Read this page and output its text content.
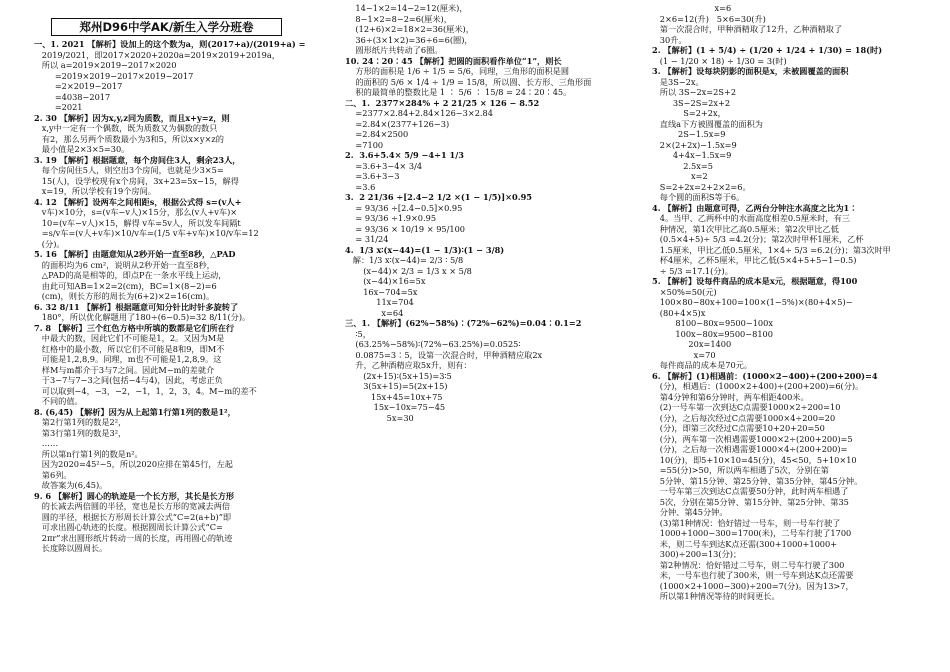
郑州D96中学AK/新生入学分班卷
一、1. 2021 【解析】设加上的这个数为a，则(2017+a)/(2019+a) =
2019/2021，即2017×2020+2020a=2019×2019+2019a，
所以 a=2019×2019−2017×2020
=2019×2019−2017×2019−2017
=2×2019−2017
=4038−2017
=2021
2. 30 【解析】因为x,y,z同为质数，而且x+y=z，则
x,y中一定有一个偶数，既为质数又为偶数的数只
有2，那么另两个质数最小为3和5，所以x×y×z的
最小值是2×3×5=30。
3. 19 【解析】根据题意，每个房间住3人，剩余23人，
每个房间住5人，则空出3个房间，也就是少3×5=
15(人)，设学校现有x个房间，3x+23=5x−15，解得
x=19，所以学校有19个房间。
4. 12 【解析】设两车之间相距s，根据公式得 s=(v人+
v车)×10分，s=(v车−v人)×15分，那么(v人+v车)×
10=(v车−v人)×15，解得 v车=5v人，所以发车间隔t
=s/v车=(v人+v车)×10/v车=(1/5 v车+v车)×10/v车=12
(分)。
5. 16 【解析】由题意知从2秒开始一直至8秒，△PAD
的面积均为6 cm²，说明从2秒开始一直至8秒，
△PAD的高是相等的，即点P在一条水平线上运动，
由此可知AB=1×2=2(cm)，BC=1×(8−2)=6
(cm)，则长方形的周长为(6+2)×2=16(cm)。
6. 32 8/11 【解析】根据题意可知分针比时针多旋转了
180°，所以优化解题用了180÷(6−0.5)=32 8/11(分)。
7. 8 【解析】三个红色方格中所填的数都是它们所在行
中最大的数，因此它们不可能是1，2。又因为M是
红格中的最小数，所以它们不可能是8和9，即M不
可能是1,2,8,9。同理，m也不可能是1,2,8,9。这
样M与m都介于3与7之间。因此M−m的差就介
于3−7与7−3之间(包括−4与4)，因此，考虑正负
可以取到−4，−3，−2，−1，1，2，3，4。M−m的差不
不同的值。
8. (6,45) 【解析】因为从上起第1行第1列的数是1²，
第2行第1列的数是2²，
第3行第1列的数是3²，
……
所以第n行第1列的数是n²。
因为2020=45²−5，所以2020应排在第45行，左起
第6列。
故答案为(6,45)。
9. 6 【解析】圆心的轨迹是一个长方形，其长是长方形
的长减去两倍圆的半径，宽也是长方形的宽减去两倍
圆的半径，根据长方形周长计算公式“C=2(a+b)”即
可求出圆心轨迹的长度。根据圆周长计算公式“C=
2πr”求出圆形纸片转动一周的长度，再用圆心的轨迹
长度除以圆周长。
14−1×2=14−2=12(厘米)，
8−1×2=8−2=6(厘米)，
(12+6)×2=18×2=36(厘米)，
36÷(3×1×2)=36÷6=6(圈)，
圆形纸片共转动了6圈。
10. 24∶20∶45 【解析】把圆的面积看作单位“1”，则长
方形的面积是 1/6 ÷ 1/5 = 5/6，同理，三角形的面积是圆
的面积的 5/6 × 1/4 ÷ 1/9 = 15/8，所以圆、长方形、三角形面
积的最简单的整数比是 1 ∶ 5/6 ∶ 15/8 = 24∶20∶45。
二、1.  2377×284% + 2 21/25 × 126 − 8.52
=2377×2.84+2.84×126−3×2.84
=2.84×(2377+126−3)
=2.84×2500
=7100
2.  3.6+5.4× 5/9 −4÷1 1/3
=3.6+3−4× 3/4
=3.6+3−3
=3.6
3.  2 21/36 ÷[2.4−2 1/2 ×(1 − 1/5)]×0.95
= 93/36 ÷[2.4−0.5]×0.95
= 93/36 ÷1.9×0.95
= 93/36 × 10/19 × 95/100
= 31/24
4.  1/3 x∶(x−44)=(1 − 1/3)∶(1 − 3/8)
解：1/3 x∶(x−44)= 2/3 ∶ 5/8
(x−44)× 2/3 = 1/3 x × 5/8
(x−44)×16=5x
16x−704=5x
11x=704
x=64
三、1. 【解析】(62%−58%)∶(72%−62%)=0.04∶0.1=2
∶5，
(63.25%−58%)∶(72%−63.25%)=0.0525∶
0.0875=3∶5，设第一次混合时，甲种酒精应取2x
升，乙种酒精应取5x升，则有：
(2x+15)∶(5x+15)=3∶5
3(5x+15)=5(2x+15)
15x+45=10x+75
15x−10x=75−45
5x=30
x=6
2×6=12(升)   5×6=30(升)
第一次混合时，甲种酒精取了12升，乙种酒精取了
30升。
2. 【解析】(1 + 5/4) ÷ (1/20 + 1/24 + 1/30) = 18(时)
(1 − 1/20 × 18) ÷ 1/30 = 3(时)
3. 【解析】设每块阴影的面积是x，未被圆覆盖的面积
是3S−2x。
所以 3S−2x=2S+2
3S−2S=2x+2
S=2+2x，
直线a下方被圆覆盖的面积为
2S−1.5x=9
2×(2+2x)−1.5x=9
4+4x−1.5x=9
2.5x=5
x=2
S=2+2x=2+2×2=6。
每个圆的面积S等于6。
4. 【解析】由题意可得，乙两台分钟注水高度之比为1∶
4。当甲、乙两杯中的水面高度相差0.5厘米时，有三
种情况，第1次甲比乙高0.5厘米；第2次甲比乙低
(0.5×4+5)÷ 5/3 =4.2(分)；第2次时甲杯1厘米，乙杯
1.5厘米，甲比乙低0.5厘米，1×4÷ 5/3 =6.2(分)；第3次时甲
杯4厘米，乙杯5厘米，甲比乙低(5×4+5+5−1−0.5)
÷ 5/3 =17.1(分)。
5. 【解析】设每件商品的成本是x元，根据题意，得100
×50%=50(元)
100×80−80x+100=100×(1−5%)×(80+4×5)−
(80+4×5)x
8100−80x=9500−100x
100x−80x=9500−8100
20x=1400
x=70
每件商品的成本是70元。
6. 【解析】(1)相遇前：(1000×2−400)÷(200+200)=4
(分)，相遇后：(1000×2+400)÷(200+200)=6(分)。
第4分钟和第6分钟时，两车相距400米。
(2)一号车第一次到达C点需要1000×2÷200=10
(分)，之后每次经过C点需要1000×4÷200=20
(分)，即第三次经过C点需要10+20+20=50
(分)，两车第一次相遇需要1000×2÷(200+200)=5
(分)，之后每一次相遇需要1000×4÷(200+200)=
10(分)，即5+10×10=45(分)，45<50，5+10×10
=55(分)>50，所以两车相遇了5次，分别在第
5分钟、第15分钟、第25分钟、第35分钟、第45分钟。
一号车第三次到达C点需要50分钟，此时两车相遇了
5次，分别在第5分钟、第15分钟、第25分钟、第35
分钟、第45分钟。
(3)第1种情况：恰好错过一号车，则一号车行驶了
1000+1000−300=1700(米)，二号车行驶了1700
米，则二号车到达K点还需(300+1000+1000+
300)÷200=13(分)；
第2种情况：恰好错过二号车，则二号车行驶了300
米，一号车也行驶了300米，则一号车到达K点还需要
(1000×2+1000−300)÷200=7(分)。因为13>7，
所以第1种情况等待的时间更长。
